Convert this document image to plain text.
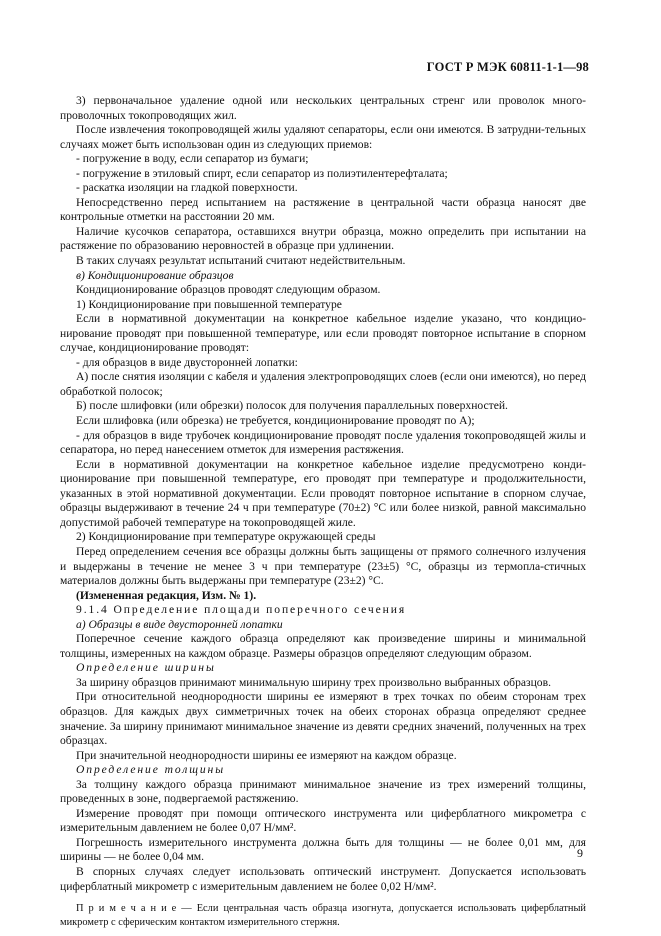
ГОСТ Р МЭК 60811-1-1—98

3) первоначальное удаление одной или нескольких центральных стренг или проволок много-проволочных токопроводящих жил.

После извлечения токопроводящей жилы удаляют сепараторы, если они имеются. В затрудни-тельных случаях может быть использован один из следующих приемов:

- погружение в воду, если сепаратор из бумаги;

- погружение в этиловый спирт, если сепаратор из полиэтилентерефталата;

- раскатка изоляции на гладкой поверхности.

Непосредственно перед испытанием на растяжение в центральной части образца наносят две контрольные отметки на расстоянии 20 мм.

Наличие кусочков сепаратора, оставшихся внутри образца, можно определить при испытании на растяжение по образованию неровностей в образце при удлинении.

В таких случаях результат испытаний считают недействительным.

в) Кондиционирование образцов

Кондиционирование образцов проводят следующим образом.

1) Кондиционирование при повышенной температуре

Если в нормативной документации на конкретное кабельное изделие указано, что кондицио-нирование проводят при повышенной температуре, или если проводят повторное испытание в спорном случае, кондиционирование проводят:

- для образцов в виде двусторонней лопатки:

А) после снятия изоляции с кабеля и удаления электропроводящих слоев (если они имеются), но перед обработкой полосок;

Б) после шлифовки (или обрезки) полосок для получения параллельных поверхностей.

Если шлифовка (или обрезка) не требуется, кондиционирование проводят по А);

- для образцов в виде трубочек кондиционирование проводят после удаления токопроводящей жилы и сепаратора, но перед нанесением отметок для измерения растяжения.

Если в нормативной документации на конкретное кабельное изделие предусмотрено конди-ционирование при повышенной температуре, его проводят при температуре и продолжительности, указанных в этой нормативной документации. Если проводят повторное испытание в спорном случае, образцы выдерживают в течение 24 ч при температуре (70±2) °С или более низкой, равной максимально допустимой рабочей температуре на токопроводящей жиле.

2) Кондиционирование при температуре окружающей среды

Перед определением сечения все образцы должны быть защищены от прямого солнечного излучения и выдержаны в течение не менее 3 ч при температуре (23±5) °С, образцы из термопла-стичных материалов должны быть выдержаны при температуре (23±2) °С.

(Измененная редакция, Изм. № 1).

9.1.4 Определение площади поперечного сечения

а) Образцы в виде двусторонней лопатки

Поперечное сечение каждого образца определяют как произведение ширины и минимальной толщины, измеренных на каждом образце. Размеры образцов определяют следующим образом.

Определение ширины

За ширину образцов принимают минимальную ширину трех произвольно выбранных образцов.

При относительной неоднородности ширины ее измеряют в трех точках по обеим сторонам трех образцов. Для каждых двух симметричных точек на обеих сторонах образца определяют среднее значение. За ширину принимают минимальное значение из девяти средних значений, полученных на трех образцах.

При значительной неоднородности ширины ее измеряют на каждом образце.

Определение толщины

За толщину каждого образца принимают минимальное значение из трех измерений толщины, проведенных в зоне, подвергаемой растяжению.

Измерение проводят при помощи оптического инструмента или циферблатного микрометра с измерительным давлением не более 0,07 Н/мм².

Погрешность измерительного инструмента должна быть для толщины — не более 0,01 мм, для ширины — не более 0,04 мм.

В спорных случаях следует использовать оптический инструмент. Допускается использовать циферблатный микрометр с измерительным давлением не более 0,02 Н/мм².

П р и м е ч а н и е — Если центральная часть образца изогнута, допускается использовать циферблатный микрометр с сферическим контактом измерительного стержня.

9
